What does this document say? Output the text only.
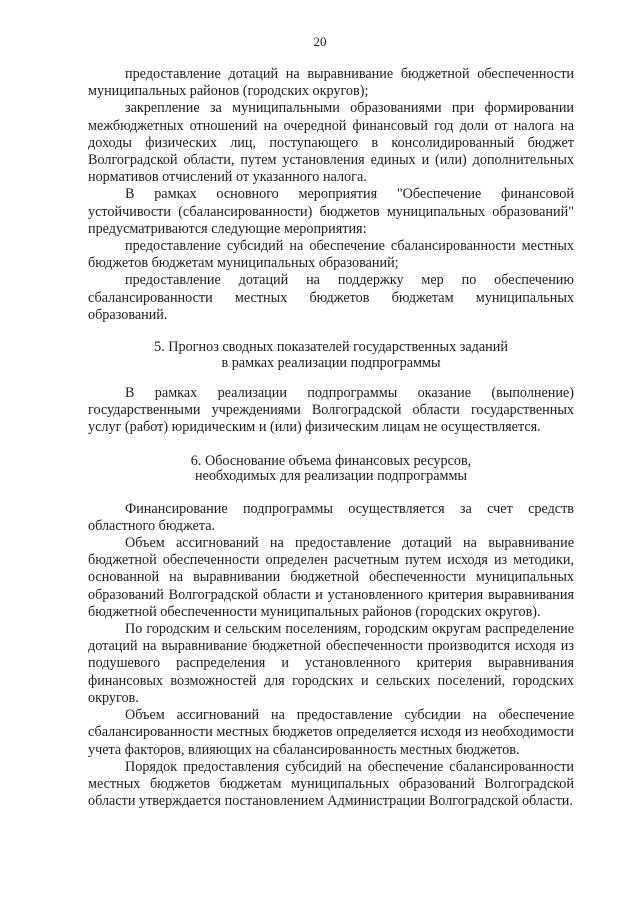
20

предоставление дотаций на выравнивание бюджетной обеспеченности муниципальных районов (городских округов);

закрепление за муниципальными образованиями при формировании межбюджетных отношений на очередной финансовый год доли от налога на доходы физических лиц, поступающего в консолидированный бюджет Волгоградской области, путем установления единых и (или) дополнительных нормативов отчислений от указанного налога.

В рамках основного мероприятия "Обеспечение финансовой устойчивости (сбалансированности) бюджетов муниципальных образований" предусматриваются следующие мероприятия:

предоставление субсидий на обеспечение сбалансированности местных бюджетов бюджетам муниципальных образований;

предоставление дотаций на поддержку мер по обеспечению сбалансированности местных бюджетов бюджетам муниципальных образований.

5. Прогноз сводных показателей государственных заданий
в рамках реализации подпрограммы

В рамках реализации подпрограммы оказание (выполнение) государственными учреждениями Волгоградской области государственных услуг (работ) юридическим и (или) физическим лицам не осуществляется.

6. Обоснование объема финансовых ресурсов,
необходимых для реализации подпрограммы

Финансирование подпрограммы осуществляется за счет средств областного бюджета.

Объем ассигнований на предоставление дотаций на выравнивание бюджетной обеспеченности определен расчетным путем исходя из методики, основанной на выравнивании бюджетной обеспеченности муниципальных образований Волгоградской области и установленного критерия выравнивания бюджетной обеспеченности муниципальных районов (городских округов).

По городским и сельским поселениям, городским округам распределение дотаций на выравнивание бюджетной обеспеченности производится исходя из подушевого распределения и установленного критерия выравнивания финансовых возможностей для городских и сельских поселений, городских округов.

Объем ассигнований на предоставление субсидии на обеспечение сбалансированности местных бюджетов определяется исходя из необходимости учета факторов, влияющих на сбалансированность местных бюджетов.

Порядок предоставления субсидий на обеспечение сбалансированности местных бюджетов бюджетам муниципальных образований Волгоградской области утверждается постановлением Администрации Волгоградской области.
